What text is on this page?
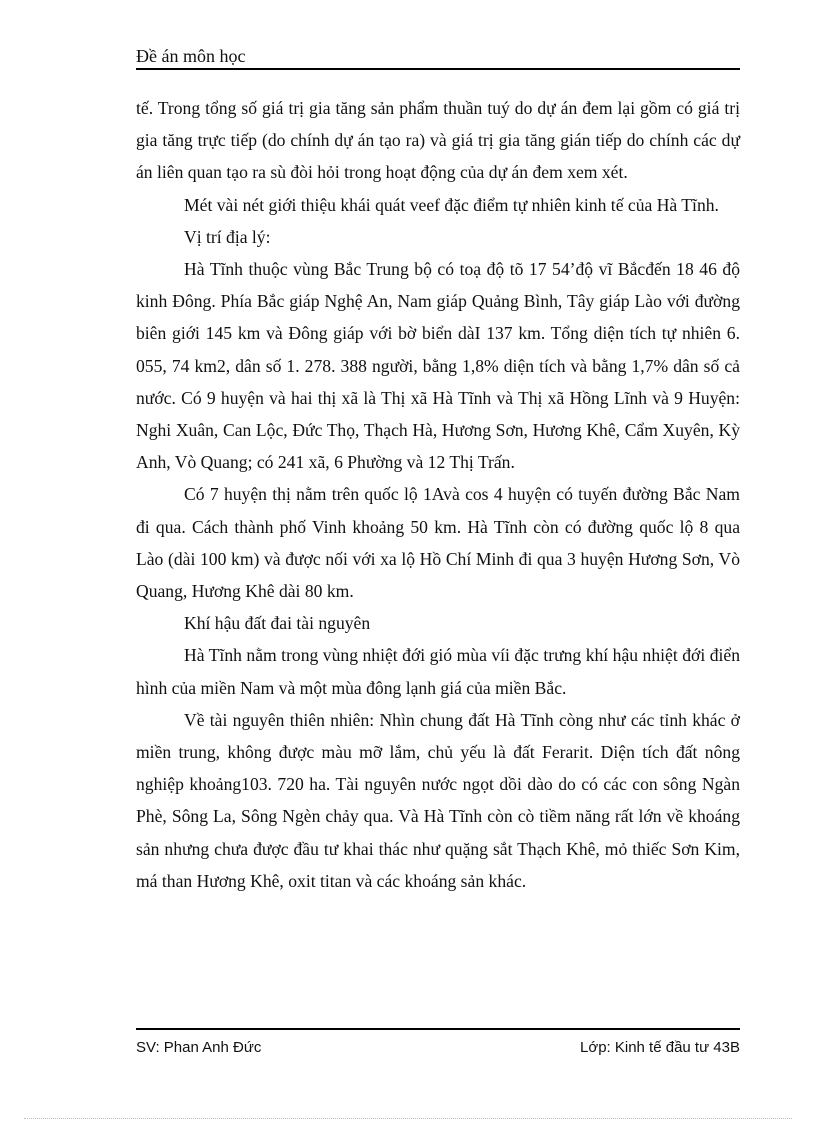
Đề án môn học

tế. Trong tổng số giá trị gia tăng sản phẩm thuần tuý do dự án đem lại gồm có giá trị gia tăng trực tiếp (do chính dự án tạo ra) và giá trị gia tăng gián tiếp do chính các dự án liên quan tạo ra sù đòi hỏi trong hoạt động của dự án đem xem xét.

Mét vài nét giới thiệu khái quát veef đặc điểm tự nhiên kinh tế của Hà Tĩnh.

Vị trí địa lý:

Hà Tĩnh thuộc vùng Bắc Trung bộ có toạ độ tõ 17 54’độ vĩ Bắcđến 18 46 độ kinh Đông. Phía Bắc giáp Nghệ An, Nam giáp Quảng Bình, Tây giáp Lào với đường biên giới 145 km và Đông giáp với bờ biển dàI 137 km. Tổng diện tích tự nhiên 6. 055, 74 km2, dân số 1. 278. 388 người, bằng 1,8% diện tích và bằng 1,7% dân số cả nước. Có 9 huyện và hai thị xã là Thị xã Hà Tĩnh và Thị xã Hồng Lĩnh và 9 Huyện: Nghi Xuân, Can Lộc, Đức Thọ, Thạch Hà, Hương Sơn, Hương Khê, Cẩm Xuyên, Kỳ Anh, Vò Quang; có 241 xã, 6 Phường và 12 Thị Trấn.

Có 7 huyện thị nằm trên quốc lộ 1Avà cos 4 huyện có tuyến đường Bắc Nam đi qua. Cách thành phố Vinh khoảng 50 km. Hà Tĩnh còn có đường quốc lộ 8 qua Lào (dài 100 km) và được nối với xa lộ Hồ Chí Minh đi qua 3 huyện Hương Sơn, Vò Quang, Hương Khê dài 80 km.

Khí hậu đất đai tài nguyên

Hà Tĩnh nằm trong vùng nhiệt đới gió mùa víi đặc trưng khí hậu nhiệt đới điển hình của miền Nam và một mùa đông lạnh giá của miền Bắc.

Về tài nguyên thiên nhiên: Nhìn chung đất Hà Tĩnh còng như các tỉnh khác ở miền trung, không được màu mỡ lắm, chủ yếu là đất Ferarit. Diện tích đất nông nghiệp khoảng103. 720 ha. Tài nguyên nước ngọt dồi dào do có các con sông Ngàn Phè, Sông La, Sông Ngèn chảy qua. Và Hà Tĩnh còn cò tiềm năng rất lớn về khoáng sản nhưng chưa được đầu tư khai thác như quặng sắt Thạch Khê, mỏ thiếc Sơn Kim, má than Hương Khê, oxit titan và các khoáng sản khác.

SV: Phan Anh Đức	Lớp: Kinh tế đầu tư 43B
